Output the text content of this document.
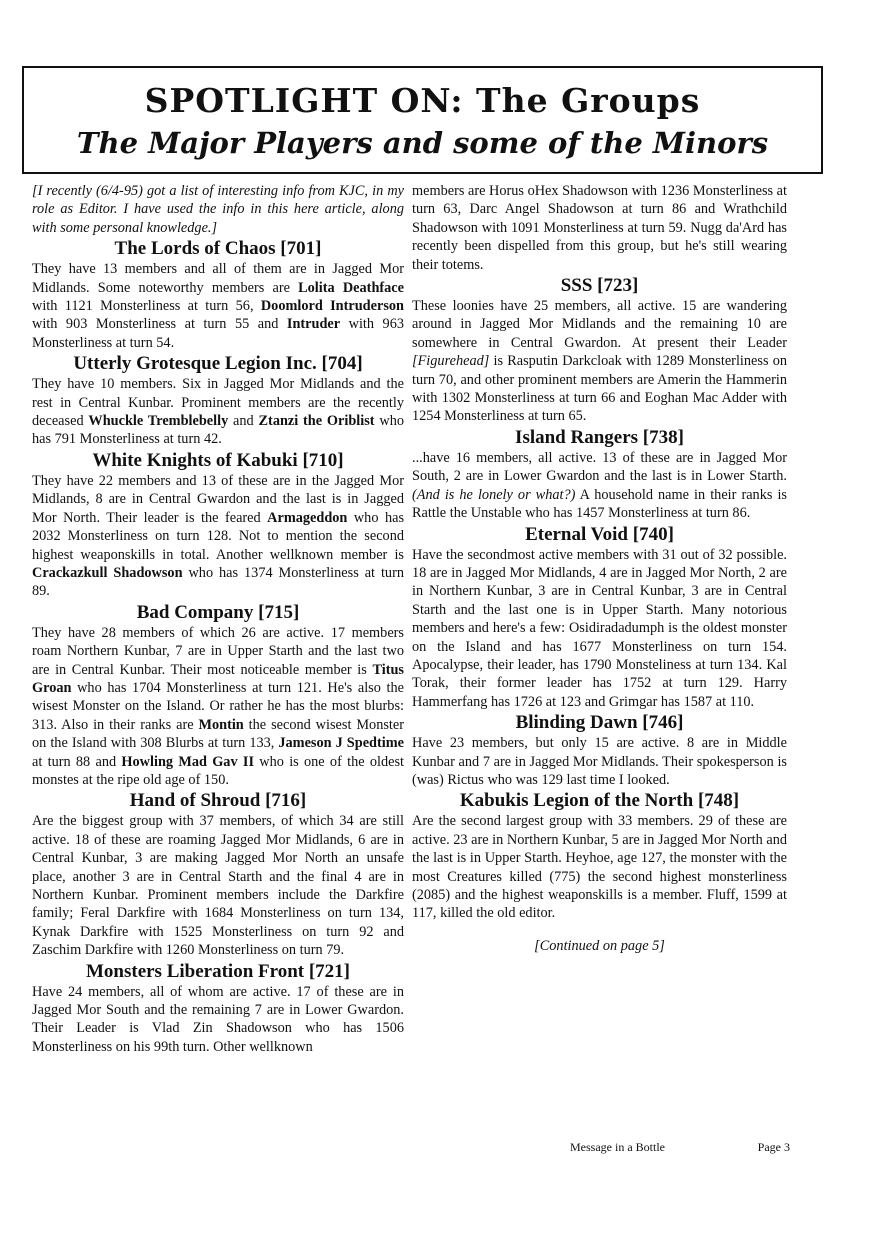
SPOTLIGHT ON: The Groups
The Major Players and some of the Minors

[I recently (6/4-95) got a list of interesting info from KJC, in my role as Editor. I have used the info in this here article, along with some personal knowledge.]

The Lords of Chaos [701]

They have 13 members and all of them are in Jagged Mor Midlands. Some noteworthy members are Lolita Deathface with 1121 Monsterliness at turn 56, Doomlord Intruderson with 903 Monsterliness at turn 55 and Intruder with 963 Monsterliness at turn 54.

Utterly Grotesque Legion Inc. [704]

They have 10 members. Six in Jagged Mor Midlands and the rest in Central Kunbar. Prominent members are the recently deceased Whuckle Tremblebelly and Ztanzi the Oriblist who has 791 Monsterliness at turn 42.

White Knights of Kabuki [710]

They have 22 members and 13 of these are in the Jagged Mor Midlands, 8 are in Central Gwardon and the last is in Jagged Mor North. Their leader is the feared Armageddon who has 2032 Monsterliness on turn 128. Not to mention the second highest weaponskills in total. Another wellknown member is Crackazkull Shadowson who has 1374 Monsterliness at turn 89.

Bad Company [715]

They have 28 members of which 26 are active. 17 members roam Northern Kunbar, 7 are in Upper Starth and the last two are in Central Kunbar. Their most noticeable member is Titus Groan who has 1704 Monsterliness at turn 121. He's also the wisest Monster on the Island. Or rather he has the most blurbs: 313. Also in their ranks are Montin the second wisest Monster on the Island with 308 Blurbs at turn 133, Jameson J Spedtime at turn 88 and Howling Mad Gav II who is one of the oldest monstes at the ripe old age of 150.

Hand of Shroud [716]

Are the biggest group with 37 members, of which 34 are still active. 18 of these are roaming Jagged Mor Midlands, 6 are in Central Kunbar, 3 are making Jagged Mor North an unsafe place, another 3 are in Central Starth and the final 4 are in Northern Kunbar. Prominent members include the Darkfire family; Feral Darkfire with 1684 Monsterliness on turn 134, Kynak Darkfire with 1525 Monsterliness on turn 92 and Zaschim Darkfire with 1260 Monsterliness on turn 79.

Monsters Liberation Front [721]

Have 24 members, all of whom are active. 17 of these are in Jagged Mor South and the remaining 7 are in Lower Gwardon. Their Leader is Vlad Zin Shadowson who has 1506 Monsterliness on his 99th turn. Other wellknown

members are Horus oHex Shadowson with 1236 Monsterliness at turn 63, Darc Angel Shadowson at turn 86 and Wrathchild Shadowson with 1091 Monsterliness at turn 59. Nugg da'Ard has recently been dispelled from this group, but he's still wearing their totems.

SSS [723]

These loonies have 25 members, all active. 15 are wandering around in Jagged Mor Midlands and the remaining 10 are somewhere in Central Gwardon. At present their Leader [Figurehead] is Rasputin Darkcloak with 1289 Monsterliness on turn 70, and other prominent members are Amerin the Hammerin with 1302 Monsterliness at turn 66 and Eoghan Mac Adder with 1254 Monsterliness at turn 65.

Island Rangers [738]

...have 16 members, all active. 13 of these are in Jagged Mor South, 2 are in Lower Gwardon and the last is in Lower Starth. (And is he lonely or what?) A household name in their ranks is Rattle the Unstable who has 1457 Monsterliness at turn 86.

Eternal Void [740]

Have the secondmost active members with 31 out of 32 possible. 18 are in Jagged Mor Midlands, 4 are in Jagged Mor North, 2 are in Northern Kunbar, 3 are in Central Kunbar, 3 are in Central Starth and the last one is in Upper Starth. Many notorious members and here's a few: Osidiradadumph is the oldest monster on the Island and has 1677 Monsterliness on turn 154. Apocalypse, their leader, has 1790 Monsteliness at turn 134. Kal Torak, their former leader has 1752 at turn 129. Harry Hammerfang has 1726 at 123 and Grimgar has 1587 at 110.

Blinding Dawn [746]

Have 23 members, but only 15 are active. 8 are in Middle Kunbar and 7 are in Jagged Mor Midlands. Their spokesperson is (was) Rictus who was 129 last time I looked.

Kabukis Legion of the North [748]

Are the second largest group with 33 members. 29 of these are active. 23 are in Northern Kunbar, 5 are in Jagged Mor North and the last is in Upper Starth. Heyhoe, age 127, the monster with the most Creatures killed (775) the second highest monsterliness (2085) and the highest weaponskills is a member. Fluff, 1599 at 117, killed the old editor.

[Continued on page 5]

Message in a Bottle	Page 3
